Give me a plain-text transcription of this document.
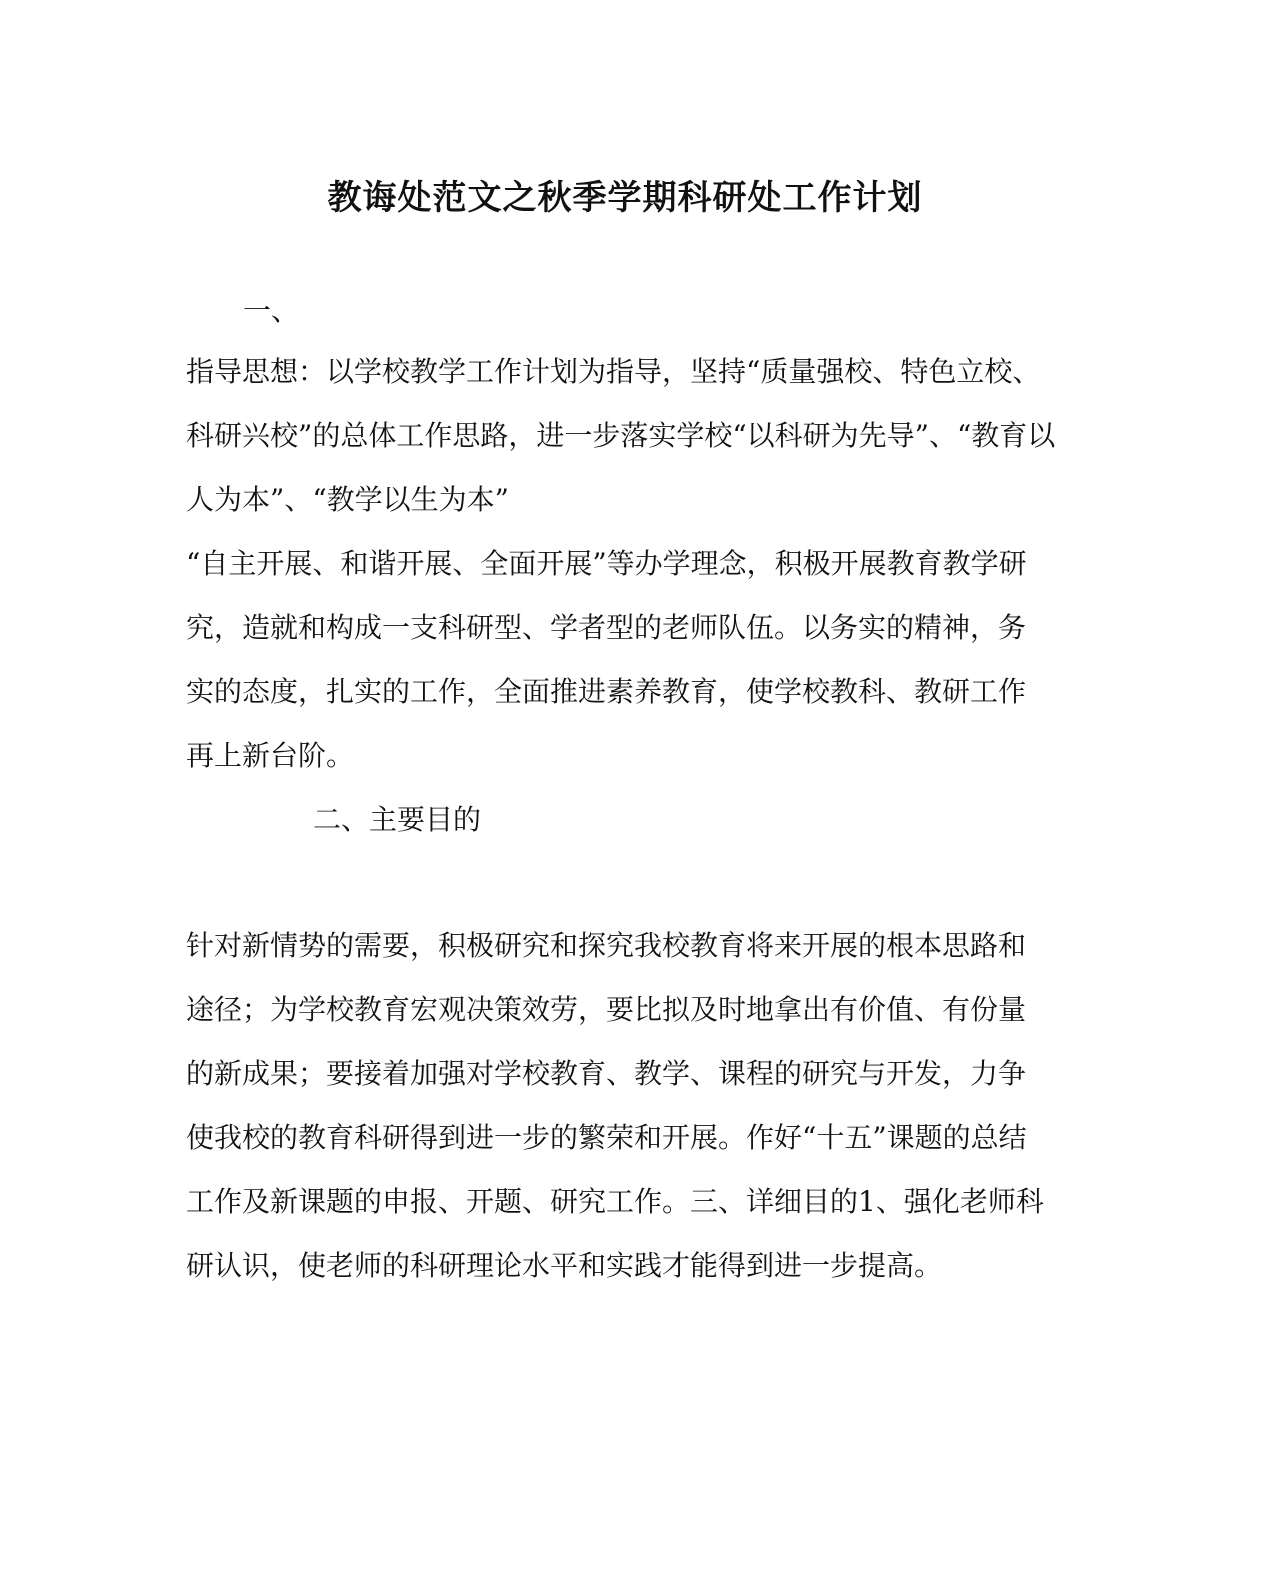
教诲处范文之秋季学期科研处工作计划

一、

指导思想：以学校教学工作计划为指导，坚持“质量强校、特色立校、

科研兴校”的总体工作思路，进一步落实学校“以科研为先导”、“教育以

人为本”、“教学以生为本”

“自主开展、和谐开展、全面开展”等办学理念，积极开展教育教学研

究，造就和构成一支科研型、学者型的老师队伍。以务实的精神，务

实的态度，扎实的工作，全面推进素养教育，使学校教科、教研工作

再上新台阶。

二、主要目的

针对新情势的需要，积极研究和探究我校教育将来开展的根本思路和

途径；为学校教育宏观决策效劳，要比拟及时地拿出有价值、有份量

的新成果；要接着加强对学校教育、教学、课程的研究与开发，力争

使我校的教育科研得到进一步的繁荣和开展。作好“十五”课题的总结

工作及新课题的申报、开题、研究工作。三、详细目的1、强化老师科

研认识，使老师的科研理论水平和实践才能得到进一步提高。
